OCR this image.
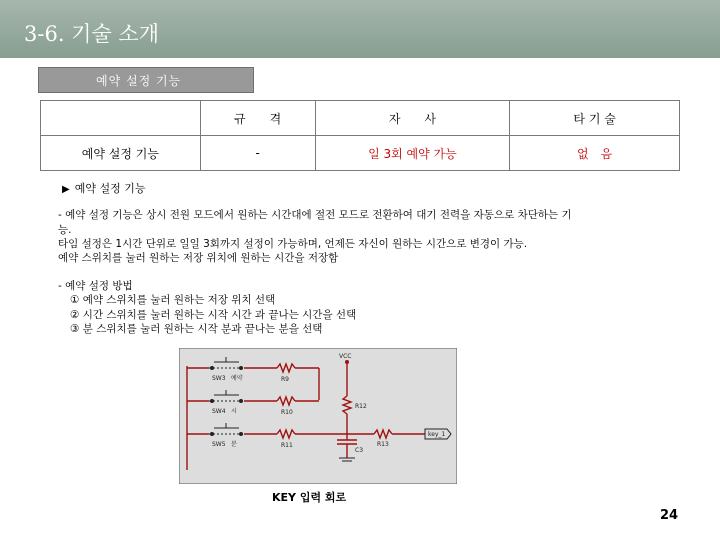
3-6. 기술 소개
예약 설정 기능
	규　　격	자　　사	타 기 술
예약 설정 기능	-	일 3회 예약 가능	없　음
▶ 예약 설정 기능
- 예약 설정 기능은 상시 전원 모드에서 원하는 시간대에 절전 모드로 전환하여 대기 전력을 자동으로 차단하는 기
능.
타임 설정은 1시간 단위로 일일 3회까지 설정이 가능하며, 언제든 자신이 원하는 시간으로 변경이 가능.
예약 스위치를 눌러 원하는 저장 위치에 원하는 시간을 저장함
- 예약 설정 방법
① 예약 스위치를 눌러 원하는 저장 위치 선택
② 시간 스위치를 눌러 원하는 시작 시간 과 끝나는 시간을 선택
③ 분 스위치를 눌러 원하는 시작 분과 끝나는 분을 선택
VCC
SW3 예약
SW4 시
SW5 분
R9
R10
R11
R12
R13
C3
key_1
KEY 입력 회로
24
